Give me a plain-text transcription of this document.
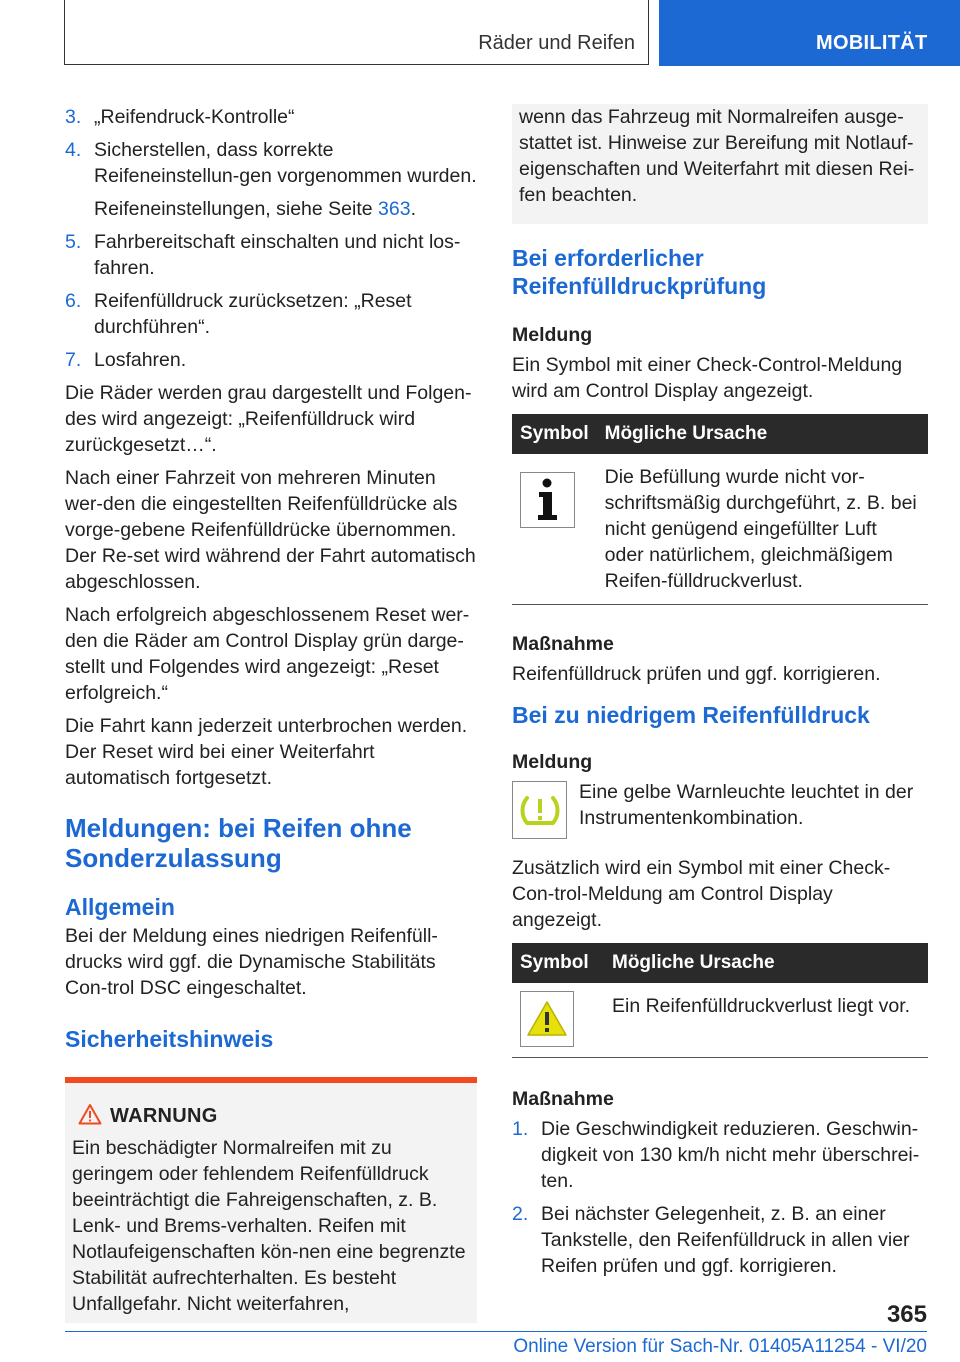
Räder und Reifen	MOBILITÄT
3. „Reifendruck-Kontrolle“
4. Sicherstellen, dass korrekte Reifeneinstellun-gen vorgenommen wurden.
Reifeneinstellungen, siehe Seite 363.
5. Fahrbereitschaft einschalten und nicht los-fahren.
6. Reifenfülldruck zurücksetzen: „Reset durchführen“.
7. Losfahren.

Die Räder werden grau dargestellt und Folgen-des wird angezeigt: „Reifenfülldruck wird zurückgesetzt…“.

Nach einer Fahrzeit von mehreren Minuten wer-den die eingestellten Reifenfülldrücke als vorge-gebene Reifenfülldrücke übernommen. Der Re-set wird während der Fahrt automatisch abgeschlossen.

Nach erfolgreich abgeschlossenem Reset wer-den die Räder am Control Display grün darge-stellt und Folgendes wird angezeigt: „Reset erfolgreich.“

Die Fahrt kann jederzeit unterbrochen werden. Der Reset wird bei einer Weiterfahrt automatisch fortgesetzt.

Meldungen: bei Reifen ohne Sonderzulassung
Allgemein

Bei der Meldung eines niedrigen Reifenfüll-drucks wird ggf. die Dynamische Stabilitäts Con-trol DSC eingeschaltet.

Sicherheitshinweis
WARNUNG

Ein beschädigter Normalreifen mit zu geringem oder fehlendem Reifenfülldruck beeinträchtigt die Fahreigenschaften, z. B. Lenk- und Brems-verhalten. Reifen mit Notlaufeigenschaften kön-nen eine begrenzte Stabilität aufrechterhalten. Es besteht Unfallgefahr. Nicht weiterfahren,

wenn das Fahrzeug mit Normalreifen ausge-stattet ist. Hinweise zur Bereifung mit Notlauf-eigenschaften und Weiterfahrt mit diesen Rei-fen beachten.

Bei erforderlicher Reifenfülldruckprüfung
Meldung

Ein Symbol mit einer Check-Control-Meldung wird am Control Display angezeigt.

Symbol	Mögliche Ursache

	Die Befüllung wurde nicht vor-schriftsmäßig durchgeführt, z. B. bei nicht genügend eingefüllter Luft oder natürlichem, gleichmäßigem Reifen-fülldruckverlust.
Maßnahme

Reifenfülldruck prüfen und ggf. korrigieren.

Bei zu niedrigem Reifenfülldruck
Meldung

Eine gelbe Warnleuchte leuchtet in der Instrumentenkombination.

Zusätzlich wird ein Symbol mit einer Check-Con-trol-Meldung am Control Display angezeigt.

Symbol	Mögliche Ursache

	Ein Reifenfülldruckverlust liegt vor.
Maßnahme
1. Die Geschwindigkeit reduzieren. Geschwin-digkeit von 130 km/h nicht mehr überschrei-ten.
2. Bei nächster Gelegenheit, z. B. an einer Tankstelle, den Reifenfülldruck in allen vier Reifen prüfen und ggf. korrigieren.
365
Online Version für Sach-Nr. 01405A11254 - VI/20
